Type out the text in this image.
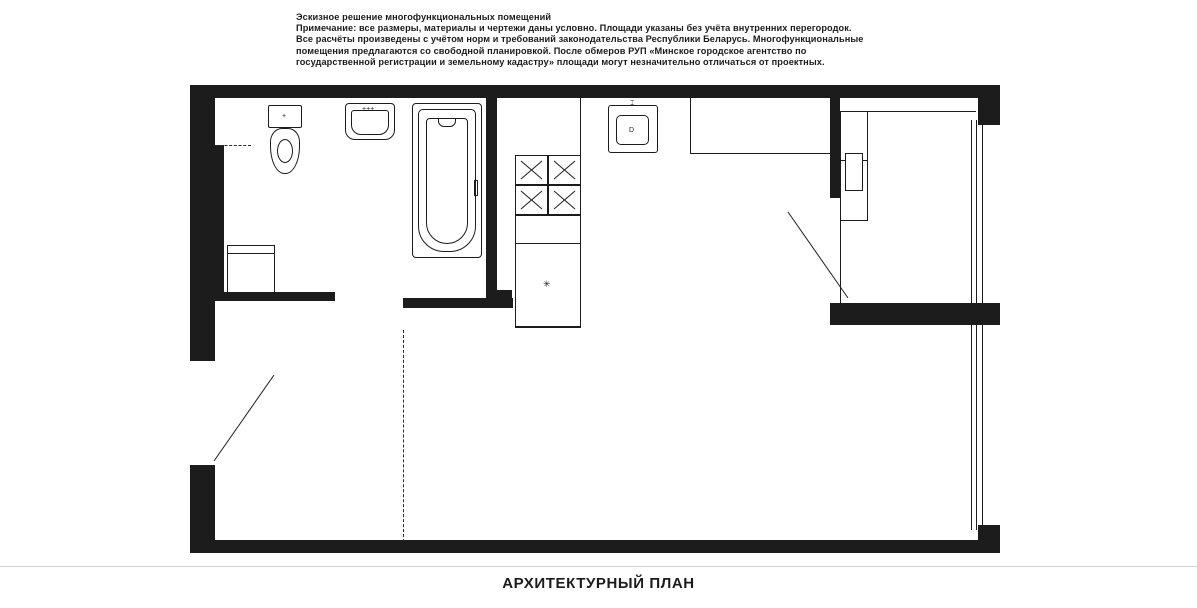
Эскизное решение многофункциональных помещений
Примечание: все размеры, материалы и чертежи даны условно. Площади указаны без учёта внутренних перегородок.
Все расчёты произведены с учётом норм и требований законодательства Республики Беларусь. Многофункциональные
помещения предлагаются со свободной планировкой. После обмеров РУП «Минское городское агентство по
государственной регистрации и земельному кадастру» площади могут незначительно отличаться от проектных.
+
+++
D
⌶
✳
АРХИТЕКТУРНЫЙ ПЛАН
